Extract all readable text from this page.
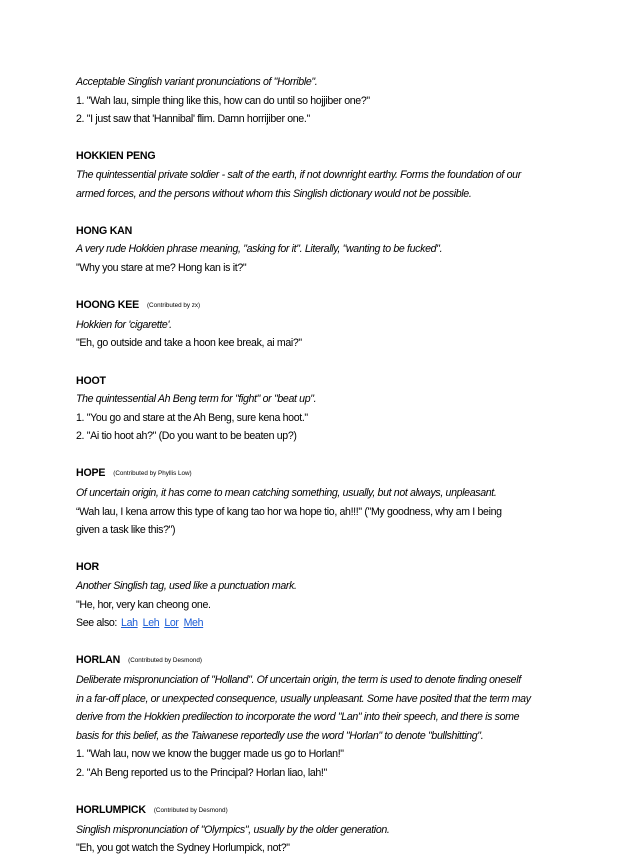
Acceptable Singlish variant pronunciations of "Horrible".
1. "Wah lau, simple thing like this, how can do until so hojjiber one?"
2. "I just saw that 'Hannibal' flim. Damn horrijiber one."
HOKKIEN PENG
The quintessential private soldier - salt of the earth, if not downright earthy. Forms the foundation of our
armed forces, and the persons without whom this Singlish dictionary would not be possible.
HONG KAN
A very rude Hokkien phrase meaning, "asking for it". Literally, "wanting to be fucked".
"Why you stare at me? Hong kan is it?"
HOONG KEE (Contributed by zx)
Hokkien for 'cigarette'.
"Eh, go outside and take a hoon kee break, ai mai?"
HOOT
The quintessential Ah Beng term for "fight" or "beat up".
1. "You go and stare at the Ah Beng, sure kena hoot."
2. "Ai tio hoot ah?" (Do you want to be beaten up?)
HOPE (Contributed by Phyllis Low)
Of uncertain origin, it has come to mean catching something, usually, but not always, unpleasant.
“Wah lau, I kena arrow this type of kang tao hor wa hope tio, ah!!!" ("My goodness, why am I being
given a task like this?")
HOR
Another Singlish tag, used like a punctuation mark.
"He, hor, very kan cheong one.
See also: Lah Leh Lor Meh
HORLAN (Contributed by Desmond)
Deliberate mispronunciation of "Holland". Of uncertain origin, the term is used to denote finding oneself
in a far-off place, or unexpected consequence, usually unpleasant. Some have posited that the term may
derive from the Hokkien predilection to incorporate the word "Lan" into their speech, and there is some
basis for this belief, as the Taiwanese reportedly use the word "Horlan" to denote "bullshitting".
1. "Wah lau, now we know the bugger made us go to Horlan!"
2. "Ah Beng reported us to the Principal? Horlan liao, lah!"
HORLUMPICK (Contributed by Desmond)
Singlish mispronunciation of "Olympics", usually by the older generation.
"Eh, you got watch the Sydney Horlumpick, not?"
